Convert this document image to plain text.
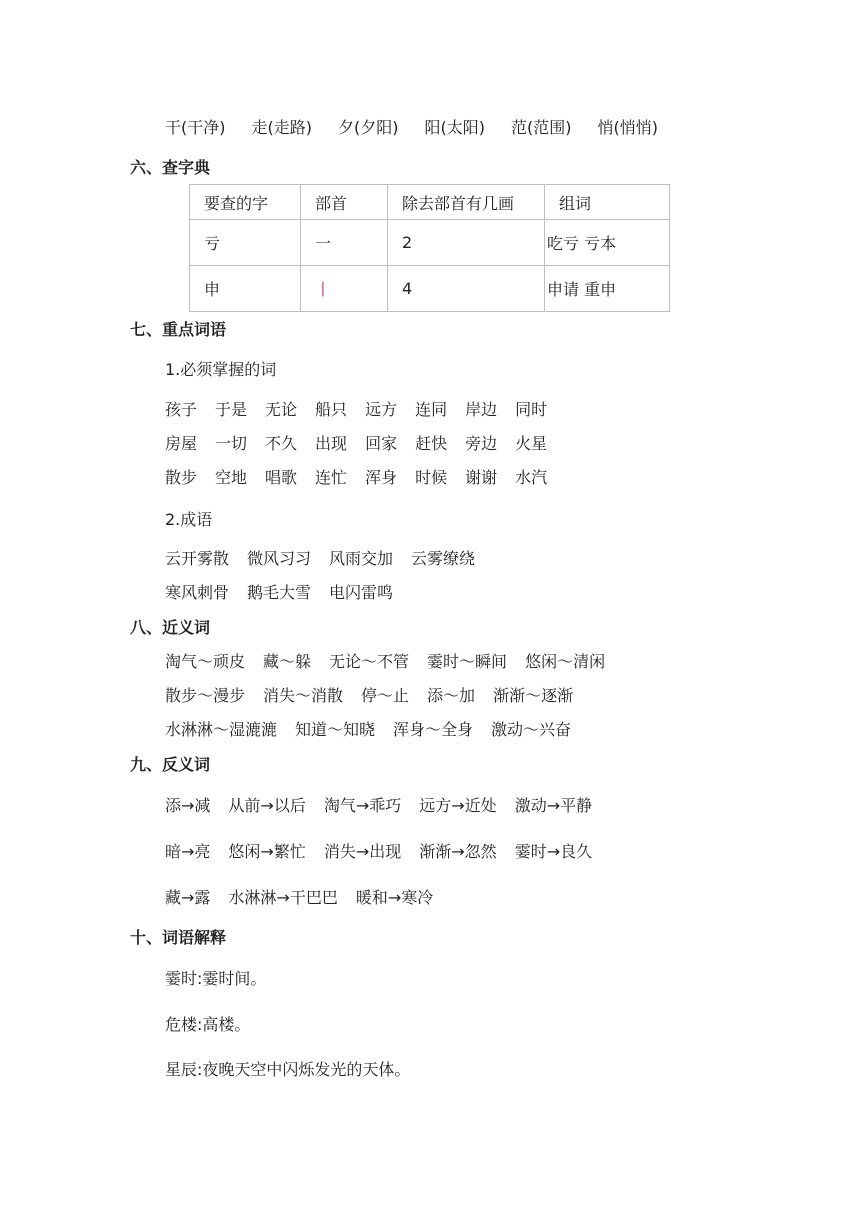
干(干净) 走(走路) 夕(夕阳) 阳(太阳) 范(范围) 悄(悄悄)
六、查字典
要查的字	部首	除去部首有几画	组词
亏	一	2	吃亏 亏本
申	丨	4	申请 重申
七、重点词语
1.必须掌握的词
孩子 于是 无论 船只 远方 连同 岸边 同时
房屋 一切 不久 出现 回家 赶快 旁边 火星
散步 空地 唱歌 连忙 浑身 时候 谢谢 水汽
2.成语
云开雾散 微风习习 风雨交加 云雾缭绕
寒风刺骨 鹅毛大雪 电闪雷鸣
八、近义词
淘气～顽皮 藏～躲 无论～不管 霎时～瞬间 悠闲～清闲
散步～漫步 消失～消散 停～止 添～加 渐渐～逐渐
水淋淋～湿漉漉 知道～知晓 浑身～全身 激动～兴奋
九、反义词
添→减 从前→以后 淘气→乖巧 远方→近处 激动→平静
暗→亮 悠闲→繁忙 消失→出现 渐渐→忽然 霎时→良久
藏→露 水淋淋→干巴巴 暖和→寒冷
十、词语解释
霎时:霎时间。
危楼:高楼。
星辰:夜晚天空中闪烁发光的天体。
